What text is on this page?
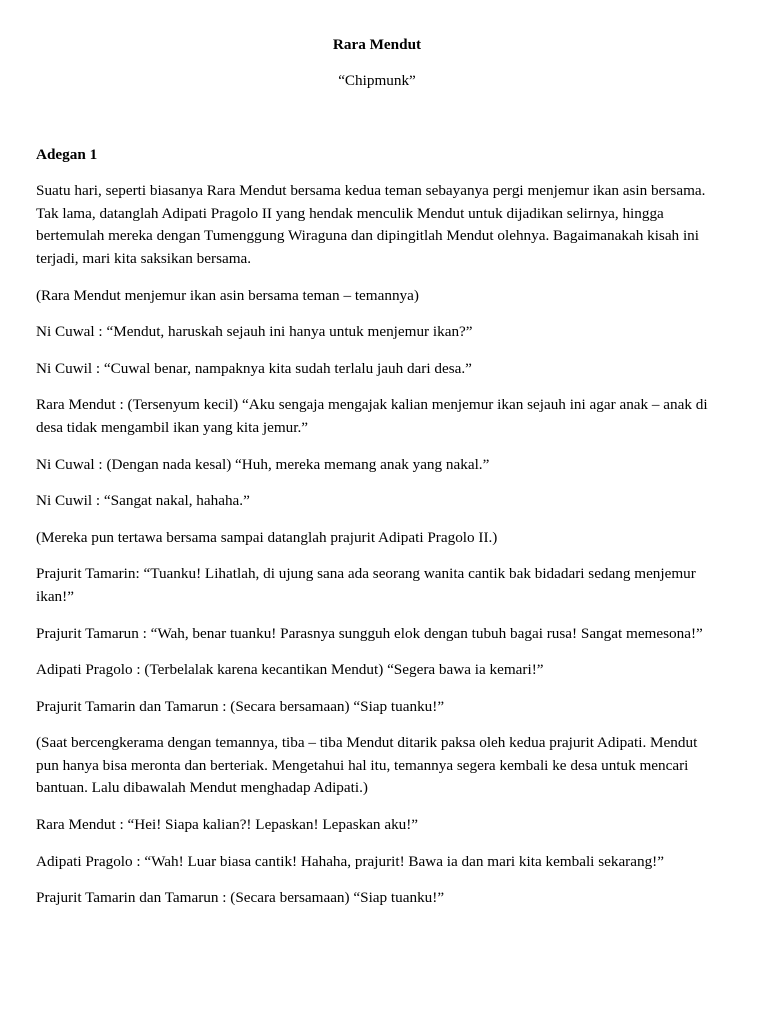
Rara Mendut

“Chipmunk”

Adegan 1

Suatu hari, seperti biasanya Rara Mendut bersama kedua teman sebayanya pergi menjemur ikan asin bersama. Tak lama, datanglah Adipati Pragolo II yang hendak menculik Mendut untuk dijadikan selirnya, hingga bertemulah mereka dengan Tumenggung Wiraguna dan dipingitlah Mendut olehnya. Bagaimanakah kisah ini terjadi, mari kita saksikan bersama.

(Rara Mendut menjemur ikan asin bersama teman – temannya)

Ni Cuwal : “Mendut, haruskah sejauh ini hanya untuk menjemur ikan?”

Ni Cuwil : “Cuwal benar, nampaknya kita sudah terlalu jauh dari desa.”

Rara Mendut : (Tersenyum kecil) “Aku sengaja mengajak kalian menjemur ikan sejauh ini agar anak – anak di desa tidak mengambil ikan yang kita jemur.”

Ni Cuwal : (Dengan nada kesal) “Huh, mereka memang anak yang nakal.”

Ni Cuwil : “Sangat nakal, hahaha.”

(Mereka pun tertawa bersama sampai datanglah prajurit Adipati Pragolo II.)

Prajurit Tamarin: “Tuanku! Lihatlah, di ujung sana ada seorang wanita cantik bak bidadari sedang menjemur ikan!”

Prajurit Tamarun : “Wah, benar tuanku! Parasnya sungguh elok dengan tubuh bagai rusa! Sangat memesona!”

Adipati Pragolo : (Terbelalak karena kecantikan Mendut) “Segera bawa ia kemari!”

Prajurit Tamarin dan Tamarun : (Secara bersamaan) “Siap tuanku!”

(Saat bercengkerama dengan temannya, tiba – tiba Mendut ditarik paksa oleh kedua prajurit Adipati. Mendut pun hanya bisa meronta dan berteriak. Mengetahui hal itu, temannya segera kembali ke desa untuk mencari bantuan. Lalu dibawalah Mendut menghadap Adipati.)

Rara Mendut : “Hei! Siapa kalian?! Lepaskan! Lepaskan aku!”

Adipati Pragolo : “Wah! Luar biasa cantik! Hahaha, prajurit! Bawa ia dan mari kita kembali sekarang!”

Prajurit Tamarin dan Tamarun : (Secara bersamaan) “Siap tuanku!”
